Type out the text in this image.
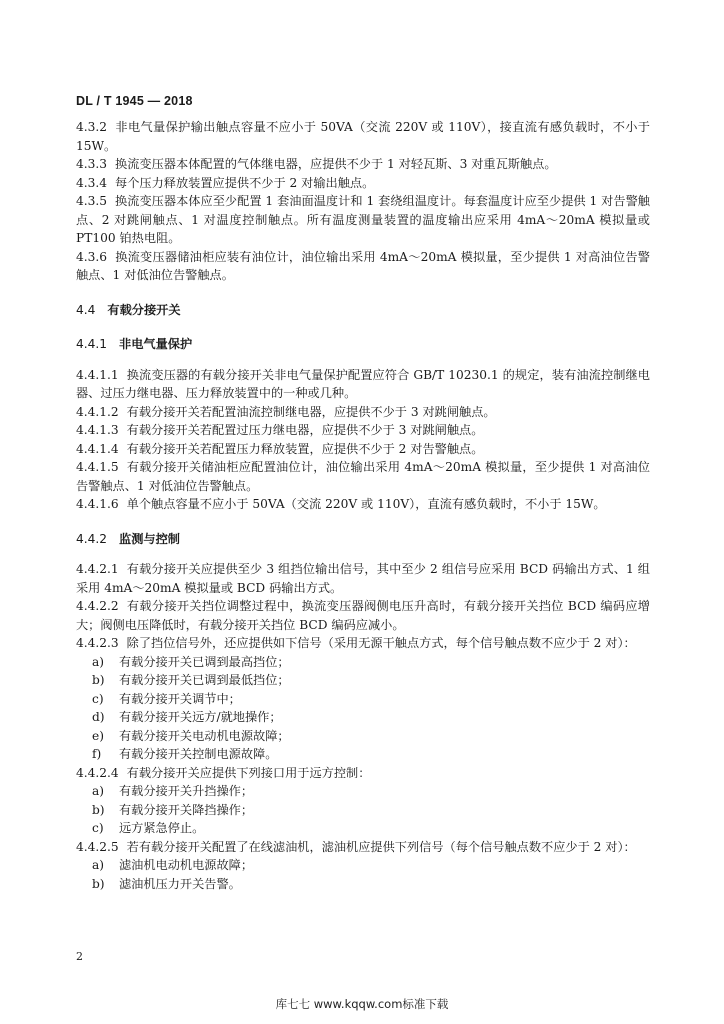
DL / T 1945 — 2018

4.3.2 非电气量保护输出触点容量不应小于 50VA（交流 220V 或 110V），接直流有感负载时，不小于 15W。

4.3.3 换流变压器本体配置的气体继电器，应提供不少于 1 对轻瓦斯、3 对重瓦斯触点。

4.3.4 每个压力释放装置应提供不少于 2 对输出触点。

4.3.5 换流变压器本体应至少配置 1 套油面温度计和 1 套绕组温度计。每套温度计应至少提供 1 对告警触点、2 对跳闸触点、1 对温度控制触点。所有温度测量装置的温度输出应采用 4mA～20mA 模拟量或 PT100 铂热电阻。

4.3.6 换流变压器储油柜应装有油位计，油位输出采用 4mA～20mA 模拟量，至少提供 1 对高油位告警触点、1 对低油位告警触点。

4.4 有载分接开关

4.4.1 非电气量保护

4.4.1.1 换流变压器的有载分接开关非电气量保护配置应符合 GB/T 10230.1 的规定，装有油流控制继电器、过压力继电器、压力释放装置中的一种或几种。

4.4.1.2 有载分接开关若配置油流控制继电器，应提供不少于 3 对跳闸触点。

4.4.1.3 有载分接开关若配置过压力继电器，应提供不少于 3 对跳闸触点。

4.4.1.4 有载分接开关若配置压力释放装置，应提供不少于 2 对告警触点。

4.4.1.5 有载分接开关储油柜应配置油位计，油位输出采用 4mA～20mA 模拟量，至少提供 1 对高油位告警触点、1 对低油位告警触点。

4.4.1.6 单个触点容量不应小于 50VA（交流 220V 或 110V），直流有感负载时，不小于 15W。

4.4.2 监测与控制

4.4.2.1 有载分接开关应提供至少 3 组挡位输出信号，其中至少 2 组信号应采用 BCD 码输出方式、1 组采用 4mA～20mA 模拟量或 BCD 码输出方式。

4.4.2.2 有载分接开关挡位调整过程中，换流变压器阀侧电压升高时，有载分接开关挡位 BCD 编码应增大；阀侧电压降低时，有载分接开关挡位 BCD 编码应减小。

4.4.2.3 除了挡位信号外，还应提供如下信号（采用无源干触点方式，每个信号触点数不应少于 2 对）：

a) 有载分接开关已调到最高挡位；

b) 有载分接开关已调到最低挡位；

c) 有载分接开关调节中；

d) 有载分接开关远方/就地操作；

e) 有载分接开关电动机电源故障；

f) 有载分接开关控制电源故障。

4.4.2.4 有载分接开关应提供下列接口用于远方控制：

a) 有载分接开关升挡操作；

b) 有载分接开关降挡操作；

c) 远方紧急停止。

4.4.2.5 若有载分接开关配置了在线滤油机，滤油机应提供下列信号（每个信号触点数不应少于 2 对）：

a) 滤油机电动机电源故障；

b) 滤油机压力开关告警。

2
库七七 www.kqqw.com标准下载
